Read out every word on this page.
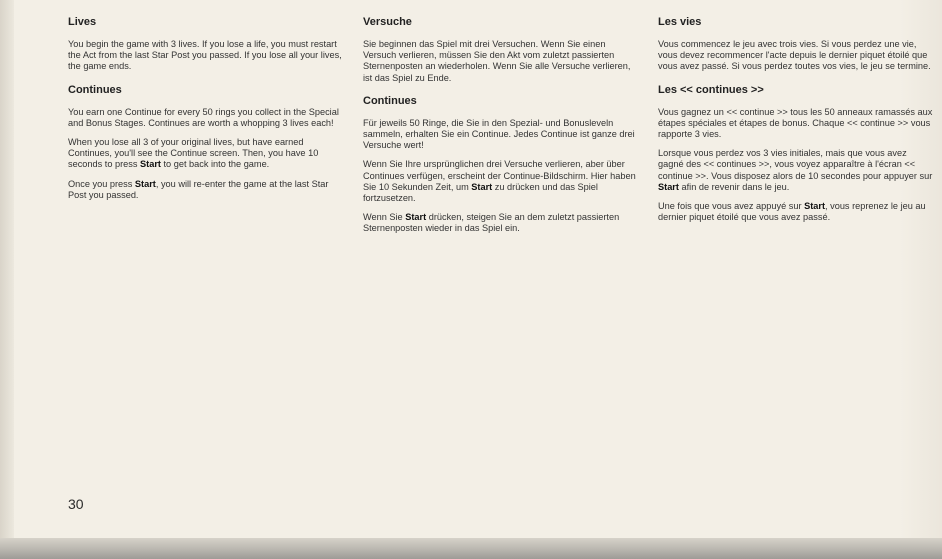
Lives

You begin the game with 3 lives. If you lose a life, you must restart the Act from the last Star Post you passed. If you lose all your lives, the game ends.

Continues

You earn one Continue for every 50 rings you collect in the Special and Bonus Stages. Continues are worth a whopping 3 lives each!

When you lose all 3 of your original lives, but have earned Continues, you'll see the Continue screen. Then, you have 10 seconds to press Start to get back into the game.

Once you press Start, you will re-enter the game at the last Star Post you passed.

Versuche

Sie beginnen das Spiel mit drei Versuchen. Wenn Sie einen Versuch verlieren, müssen Sie den Akt vom zuletzt passierten Sternenposten an wiederholen. Wenn Sie alle Versuche verlieren, ist das Spiel zu Ende.

Continues

Für jeweils 50 Ringe, die Sie in den Spezial- und Bonusleveln sammeln, erhalten Sie ein Continue. Jedes Continue ist ganze drei Versuche wert!

Wenn Sie Ihre ursprünglichen drei Versuche verlieren, aber über Continues verfügen, erscheint der Continue-Bildschirm. Hier haben Sie 10 Sekunden Zeit, um Start zu drücken und das Spiel fortzusetzen.

Wenn Sie Start drücken, steigen Sie an dem zuletzt passierten Sternenposten wieder in das Spiel ein.

Les vies

Vous commencez le jeu avec trois vies. Si vous perdez une vie, vous devez recommencer l'acte depuis le dernier piquet étoilé que vous avez passé. Si vous perdez toutes vos vies, le jeu se termine.

Les << continues >>

Vous gagnez un << continue >> tous les 50 anneaux ramassés aux étapes spéciales et étapes de bonus. Chaque << continue >> vous rapporte 3 vies.

Lorsque vous perdez vos 3 vies initiales, mais que vous avez gagné des << continues >>, vous voyez apparaître à l'écran << continue >>. Vous disposez alors de 10 secondes pour appuyer sur Start afin de revenir dans le jeu.

Une fois que vous avez appuyé sur Start, vous reprenez le jeu au dernier piquet étoilé que vous avez passé.

30
